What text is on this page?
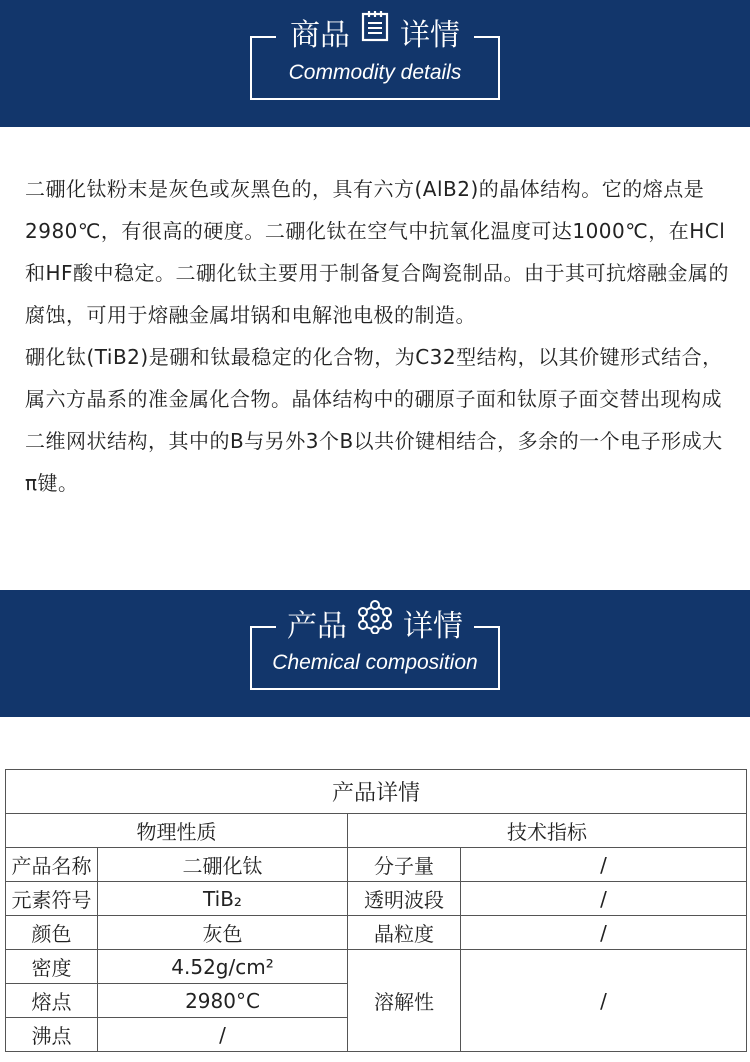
商品 详情
Commodity details

二硼化钛粉末是灰色或灰黑色的，具有六方(AlB2)的晶体结构。它的熔点是2980℃，有很高的硬度。二硼化钛在空气中抗氧化温度可达1000℃，在HCl和HF酸中稳定。二硼化钛主要用于制备复合陶瓷制品。由于其可抗熔融金属的腐蚀，可用于熔融金属坩锅和电解池电极的制造。

硼化钛(TiB2)是硼和钛最稳定的化合物，为C32型结构，以其价键形式结合，属六方晶系的准金属化合物。晶体结构中的硼原子面和钛原子面交替出现构成二维网状结构，其中的B与另外3个B以共价键相结合，多余的一个电子形成大π键。

产品 详情
Chemical composition
产品详情			
物理性质		技术指标	
产品名称	二硼化钛	分子量	/
元素符号	TiB₂	透明波段	/
颜色	灰色	晶粒度	/
密度	4.52g/cm²	溶解性	/
熔点	2980°C		
沸点	/		
